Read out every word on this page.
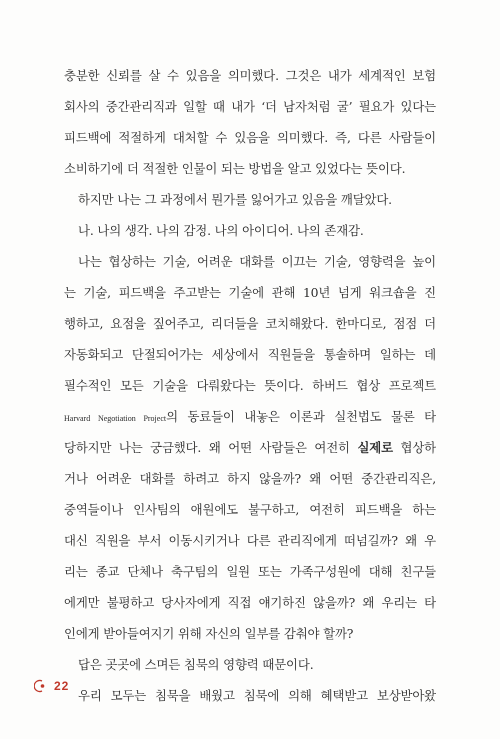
충분한 신뢰를 살 수 있음을 의미했다. 그것은 내가 세계적인 보험
회사의 중간관리직과 일할 때 내가 ‘더 남자처럼 굴’ 필요가 있다는
피드백에 적절하게 대처할 수 있음을 의미했다. 즉, 다른 사람들이
소비하기에 더 적절한 인물이 되는 방법을 알고 있었다는 뜻이다.
하지만 나는 그 과정에서 뭔가를 잃어가고 있음을 깨달았다.
나. 나의 생각. 나의 감정. 나의 아이디어. 나의 존재감.
나는 협상하는 기술, 어려운 대화를 이끄는 기술, 영향력을 높이
는 기술, 피드백을 주고받는 기술에 관해 10년 넘게 워크숍을 진
행하고, 요점을 짚어주고, 리더들을 코치해왔다. 한마디로, 점점 더
자동화되고 단절되어가는 세상에서 직원들을 통솔하며 일하는 데
필수적인 모든 기술을 다뤄왔다는 뜻이다. 하버드 협상 프로젝트
Harvard Negotiation Project의 동료들이 내놓은 이론과 실천법도 물론 타
당하지만 나는 궁금했다. 왜 어떤 사람들은 여전히 실제로 협상하
거나 어려운 대화를 하려고 하지 않을까? 왜 어떤 중간관리직은,
중역들이나 인사팀의 애원에도 불구하고, 여전히 피드백을 하는
대신 직원을 부서 이동시키거나 다른 관리직에게 떠넘길까? 왜 우
리는 종교 단체나 축구팀의 일원 또는 가족구성원에 대해 친구들
에게만 불평하고 당사자에게 직접 얘기하진 않을까? 왜 우리는 타
인에게 받아들여지기 위해 자신의 일부를 감춰야 할까?
답은 곳곳에 스며든 침묵의 영향력 때문이다.
우리 모두는 침묵을 배웠고 침묵에 의해 혜택받고 보상받아왔
22
